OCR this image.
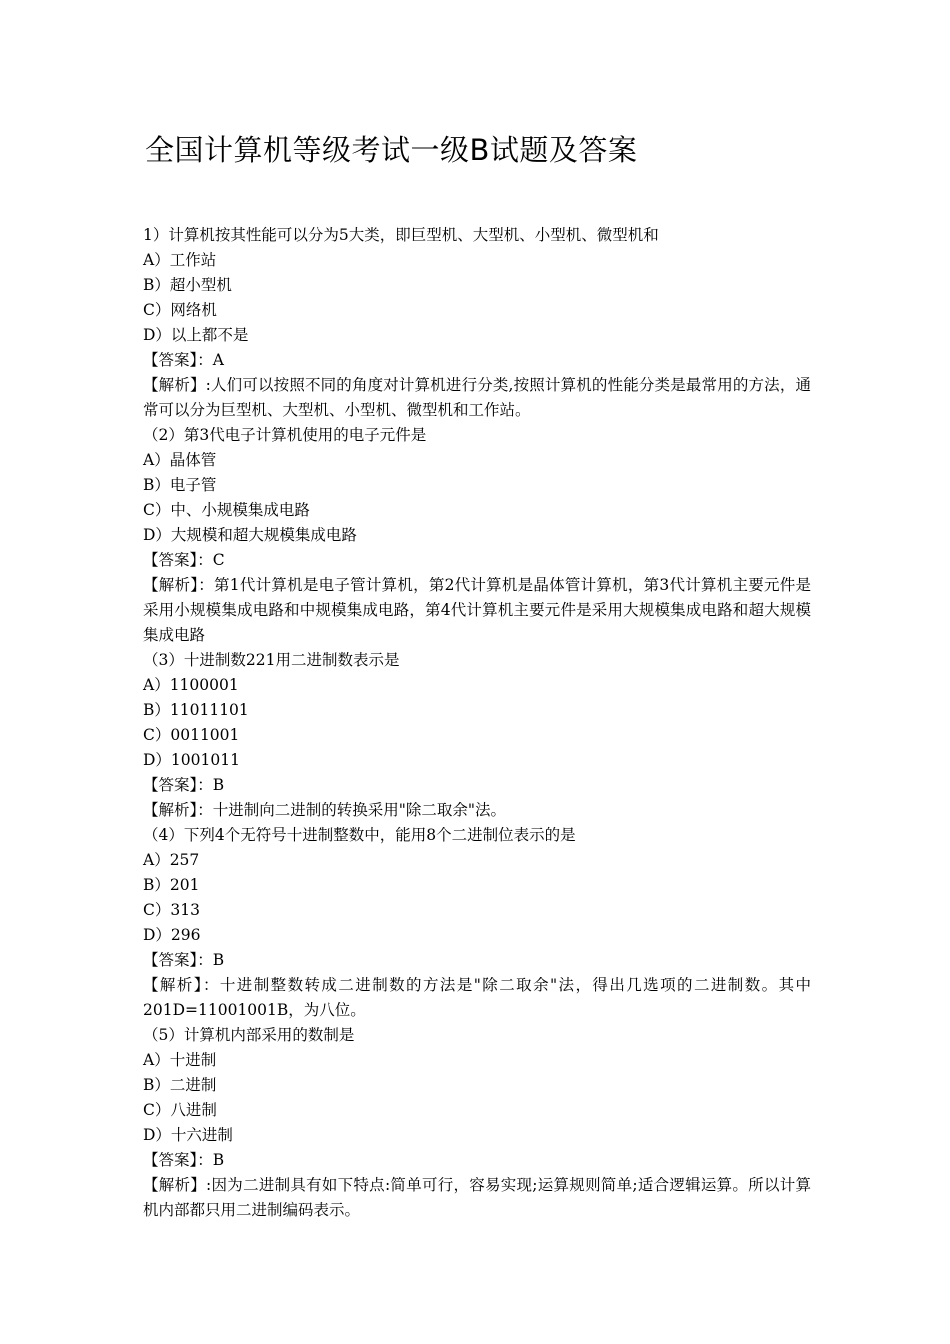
全国计算机等级考试一级B试题及答案

1）计算机按其性能可以分为5大类，即巨型机、大型机、小型机、微型机和

A）工作站

B）超小型机

C）网络机

D）以上都不是

【答案】：A

【解析】:人们可以按照不同的角度对计算机进行分类,按照计算机的性能分类是最常用的方法，通常可以分为巨型机、大型机、小型机、微型机和工作站。

（2）第3代电子计算机使用的电子元件是

A）晶体管

B）电子管

C）中、小规模集成电路

D）大规模和超大规模集成电路

【答案】：C

【解析】：第1代计算机是电子管计算机，第2代计算机是晶体管计算机，第3代计算机主要元件是采用小规模集成电路和中规模集成电路，第4代计算机主要元件是采用大规模集成电路和超大规模集成电路

（3）十进制数221用二进制数表示是

A）1100001

B）11011101

C）0011001

D）1001011

【答案】：B

【解析】：十进制向二进制的转换采用"除二取余"法。

（4）下列4个无符号十进制整数中，能用8个二进制位表示的是

A）257

B）201

C）313

D）296

【答案】：B

【解析】：十进制整数转成二进制数的方法是"除二取余"法，得出几选项的二进制数。其中201D=11001001B，为八位。

（5）计算机内部采用的数制是

A）十进制

B）二进制

C）八进制

D）十六进制

【答案】：B

【解析】:因为二进制具有如下特点:简单可行，容易实现;运算规则简单;适合逻辑运算。所以计算机内部都只用二进制编码表示。
